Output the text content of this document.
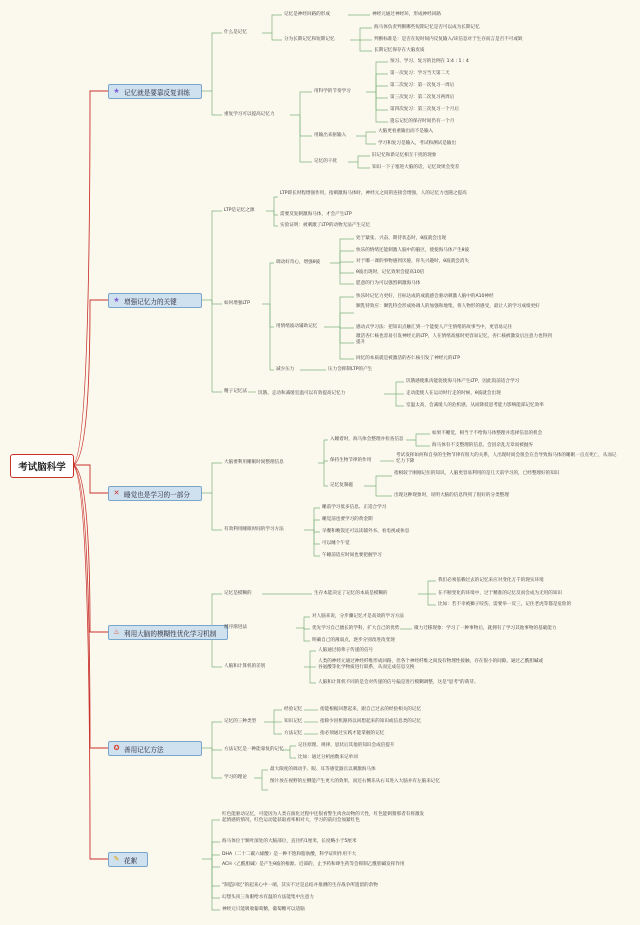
考试脑科学
★ 记忆就是要靠反复训练
★ 增强记忆力的关键
✕ 睡觉也是学习的一部分
♨ 利用大脑的模糊性优化学习机制
✪ 善用记忆方法
✎ 花絮
什么是记忆
记忆是神经回路的形成	神经元通过神经环，形成神经回路
分为长期记忆和短期记忆
海马体负责判断哪些短期记忆是否可以成为长期记忆
判断标准是：是否在短时间内反复输入/该信息对于生存而言是否不可或缺
长期记忆保存在大脑皮质
重复学习可以提高记忆力
用科学的节奏学习
预习、学习、复习的比例在 1:4 : 1 : 4
第一次复习：学习当天第二天
第二次复习：第一次复习一周后
第三次复习：第二次复习两周后
第四次复习：第三次复习一个月后
遗忘记忆的保存时间仍有一个月
用输出来驱输入
大脑更看重输出而不是输入
学习和复习是输入，考试和测试是输出
记忆的干扰
旧记忆和新记忆相互干扰的现象
知识一下子塞进大脑的话，记忆效果会变差
LTP是记忆之源
LTP即长时程增强作用，指刺激海马体时，神经元之间的连接会增强，人的记忆力也随之提高
需要反复刺激海马体，才会产生LTP
实验证明：被刺激了LTP的动物无法产生记忆
如何增强LTP
调动好奇心，增强θ波
处于紧张、兴奋、期待状态时，θ波就会出现
快乐的情绪还能刺激人脑中的脑区，使使海马体产生θ波
对于哪一课的事物感到厌倦，你失兴趣时，θ波就会消失
θ波出现时，记忆效果会提高10倍
愿意的行为可以强烈刺激海马体
用情绪波动辅助记忆
快乐时记忆力更好，目标达成的成就感会驱动刺激人脑中的A10神经
颞乳特效应：颞乳特会形成协调人的加强和地集，将人物形的感受，最让人的学习成绩更好
感动式学习法：把知识点触汇到一个能使人产生情绪的故事当中，更容易记住
激活杏仁核也容易引发神经元的LTP，人在情绪高涨时更容易记忆，杏仁核被激发后注意力也得到提升
回忆的本质就是被激活的杏仁核引发了神经元的LTP
减少压力	压力会抑制LTP的产生
精子记忆法 饥饿、走动和减缓室温可以有效提高记忆力
饥饿感使肌肉能促使海马体产生LTP，因此饭前适合学习
走动能使人在运动时行走的时候，θ波就会出现
室温太高，会减缓人的危机感，从而降低思考能力影响能部记忆效率
大脑要利用睡眠时间整理信息
入睡着时，海马体会整理并检查信息
如果不睡觉，相当于不给海马体整理并选择信息的机会
海马体有不支整理的信息，会因杂乱无章而被抛弃
保持生物节律的作用
考试发挥如何和自身的生物节律有很大的关系，人出现时间会很会在会导致海马体的睡眠一点点死亡，从而记忆力下降
记忆复制磁
指相较于刚刚记住的知识，人脑更容易利用的是几天前学习的，已经整理好的知识
出现这种现象时，说明大脑的信息得到了很好的分类整理
有效利用睡眠时间的学习方法
睡前学习低多信息、正适合学习
睡觉前也要学习的黄金期
早餐和晚饭还可以读辅外书、看电视或休息
可以睡个午觉
午睡前适应时间也要把握学习
记忆是模糊的	生存本能决定了记忆的本质是模糊的
我们必须依赖过去的记忆来应对变化万千的现实环境
在不断变化的环境中，过于精准的记忆反而会成为无用的知识
比如：若不幸被狮子咬伤，需要举一反三，记住老虎等都是危险的
循序渐进法
对人脑来说，分步骤记忆才是高效的学习方法
优先学习自己擅长的学科，扩大自己的优势	微力迁移现象：学习了一种事物后，就拥有了学习其他事物的基础能力
明确自己的薄弱点，逐步分别改进改变现
人脑和计算机的差别
人脑通过骑弗子传递的信号
人类的神经元通过神经纤维形成回路，但各个神经纤维之间没有物理性接触，存在很小的间隙。通过乙酰胆碱或谷氨酸等化学物质进行联系，从而完成信息交换
人脑和计算机不同的是会对传递的信号偏是进行模糊调整，这是"思考"的萌芽。
记忆的三种类型
经验记忆	指能根据回想起来，跟自己过去的经验相关的记忆
知识记忆	指除少因机跟将以回想起来的知识或信息类的记忆
方法记忆	指必须通过实践才能掌握的记忆
方法记忆是一种能靠复的记忆
记住原理、规律、思状后其他的知识会成倍提升
比如：通过分析函数来记单词
学习的理论
最大限度的调动手、眼、耳等感觉器官以刺激海马体
图片放在视野的左侧能产生更大的效果，而还右侧乐从右耳进入大脑并有左脑来记忆
红色能驱动记忆，可能因为人类在演化过程中还很看警生肉食动物的天性，红色能刺猬那者有将激发起情感的情况，红色运动能获取看率相对大，学习的前问会加紧红色
海马体位于颞叶深处的大脑部位，直径约1厘米，长度略小于5厘米
DHA（二十二碳六烯酸）是一种不饱和脂肪酸，科学证明作用不大
ACH（乙酰胆碱）是产生θ波的根源。近部的，止予药和肆生药等会抑制乙酰胆碱发挥作用
"制造回忆"的起来心中一端，其实不过是总结并推测的生存战争所遗留的余物
幻想头顶三角眼给水有温的方法能集中注意力
神经元只能吸收葡萄糖，葡萄糖可以适脑
